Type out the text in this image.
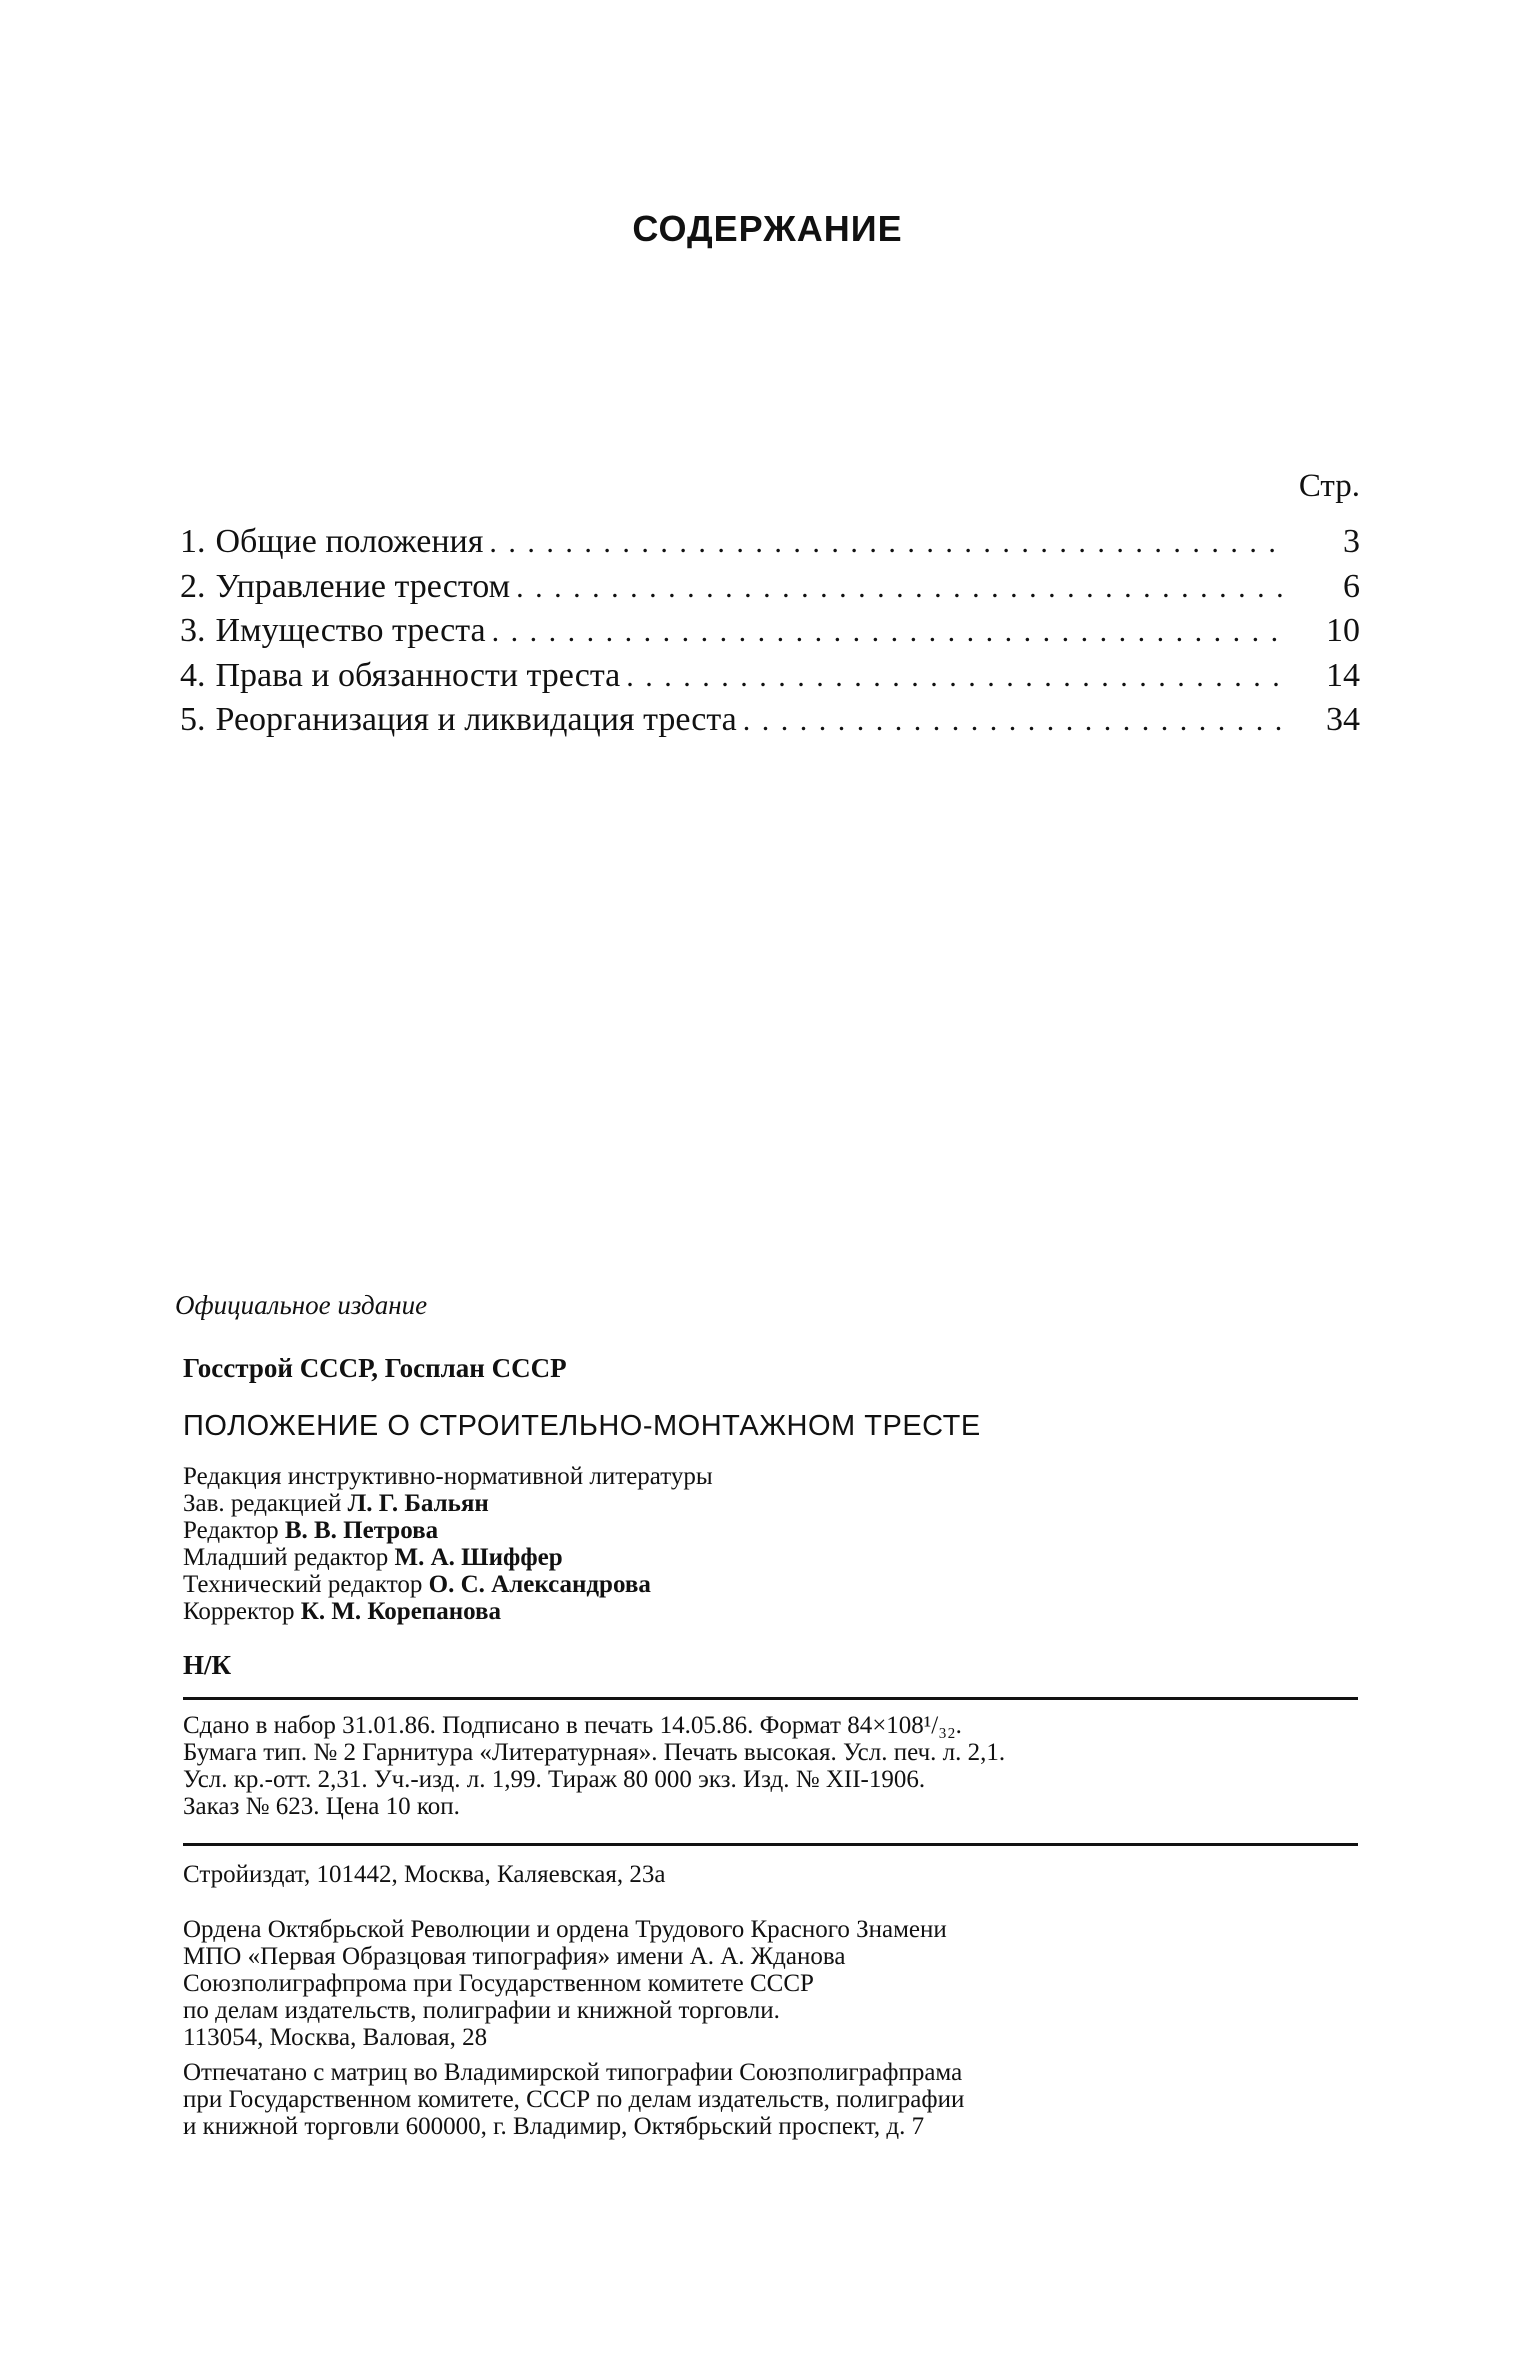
СОДЕРЖАНИЕ
Стр.
1. Общие положения . . .	3
2. Управление трестом . . .	6
3. Имущество треста . . .	10
4. Права и обязанности треста . . .	14
5. Реорганизация и ликвидация треста . . .	34
Официальное издание
Госстрой СССР, Госплан СССР
ПОЛОЖЕНИЕ О СТРОИТЕЛЬНО-МОНТАЖНОМ ТРЕСТЕ
Редакция инструктивно-нормативной литературы
Зав. редакцией Л. Г. Бальян
Редактор В. В. Петрова
Младший редактор М. А. Шиффер
Технический редактор О. С. Александрова
Корректор К. М. Корепанова
Н/К
Сдано в набор 31.01.86. Подписано в печать 14.05.86. Формат 84×108¹/₃₂.
Бумага тип. № 2 Гарнитура «Литературная». Печать высокая. Усл. печ. л. 2,1.
Усл. кр.-отт. 2,31. Уч.-изд. л. 1,99. Тираж 80 000 экз. Изд. № XII-1906.
Заказ № 623. Цена 10 коп.
Стройиздат, 101442, Москва, Каляевская, 23а
Ордена Октябрьской Революции и ордена Трудового Красного Знамени
МПО «Первая Образцовая типография» имени А. А. Жданова
Союзполиграфпрома при Государственном комитете СССР
по делам издательств, полиграфии и книжной торговли.
113054, Москва, Валовая, 28
Отпечатано с матриц во Владимирской типографии Союзполиграфпрама
при Государственном комитете, СССР по делам издательств, полиграфии
и книжной торговли 600000, г. Владимир, Октябрьский проспект, д. 7
